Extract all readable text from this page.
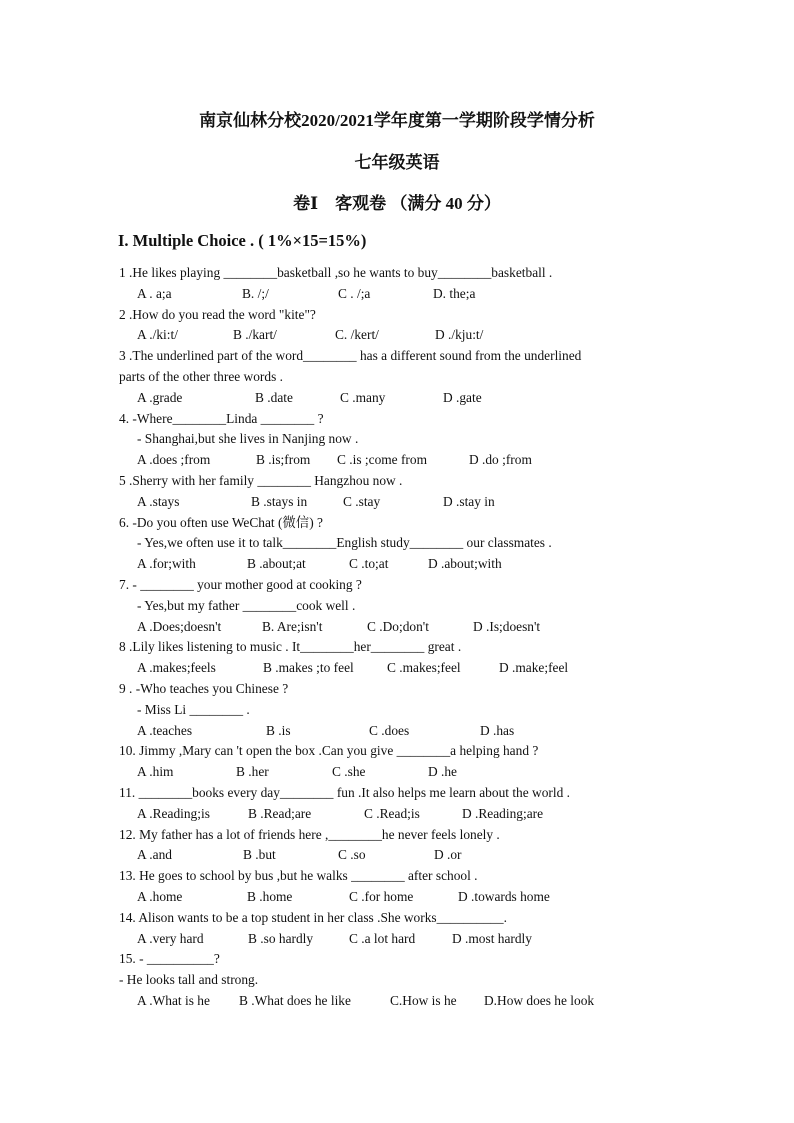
南京仙林分校2020/2021学年度第一学期阶段学情分析
七年级英语
卷Ⅰ　客观卷 （满分 40 分）
I. Multiple Choice . ( 1%×15=15%)
1 .He likes playing ________basketball ,so he wants to buy________basketball .
A . a;a	B. /;/	C . /;a	D. the;a
2 .How do you read the word "kite"?
A ./ki:t/	B ./kart/	C. /kert/	D ./kju:t/
3 .The underlined part of the word________ has a different sound from the underlined
parts of the other three words .
A .grade	B .date	C .many	D .gate
4. -Where________Linda ________ ?
- Shanghai,but she lives in Nanjing now .
A .does ;from	B .is;from C .is ;come from	D .do ;from
5 .Sherry with her family ________ Hangzhou now .
A .stays	B .stays in	C .stay	D .stay in
6. -Do you often use WeChat (微信) ?
- Yes,we often use it to talk________English study________ our classmates .
A .for;with	B .about;at	C .to;at	D .about;with
7. - ________ your mother good at cooking ?
- Yes,but my father ________cook well .
A .Does;doesn't	B. Are;isn't	C .Do;don't	D .Is;doesn't
8 .Lily likes listening to music . It________her________ great .
A .makes;feels	B .makes ;to feel C .makes;feel	D .make;feel
9 . -Who teaches you Chinese ?
- Miss Li ________ .
A .teaches	B .is	C .does	D .has
10. Jimmy ,Mary can 't open the box .Can you give ________a helping hand ?
A .him	B .her	C .she	D .he
11. ________books every day________ fun .It also helps me learn about the world .
A .Reading;is	B .Read;are	C .Read;is	D .Reading;are
12. My father has a lot of friends here ,________he never feels lonely .
A .and	B .but	C .so	D .or
13. He goes to school by bus ,but he walks ________ after school .
A .home	B .home	C .for home	D .towards home
14. Alison wants to be a top student in her class .She works__________.
A .very hard	B .so hardly	C .a lot hard	D .most hardly
15. - __________?
- He looks tall and strong.
A .What is he B .What does he like	C.How is he D.How does he look
